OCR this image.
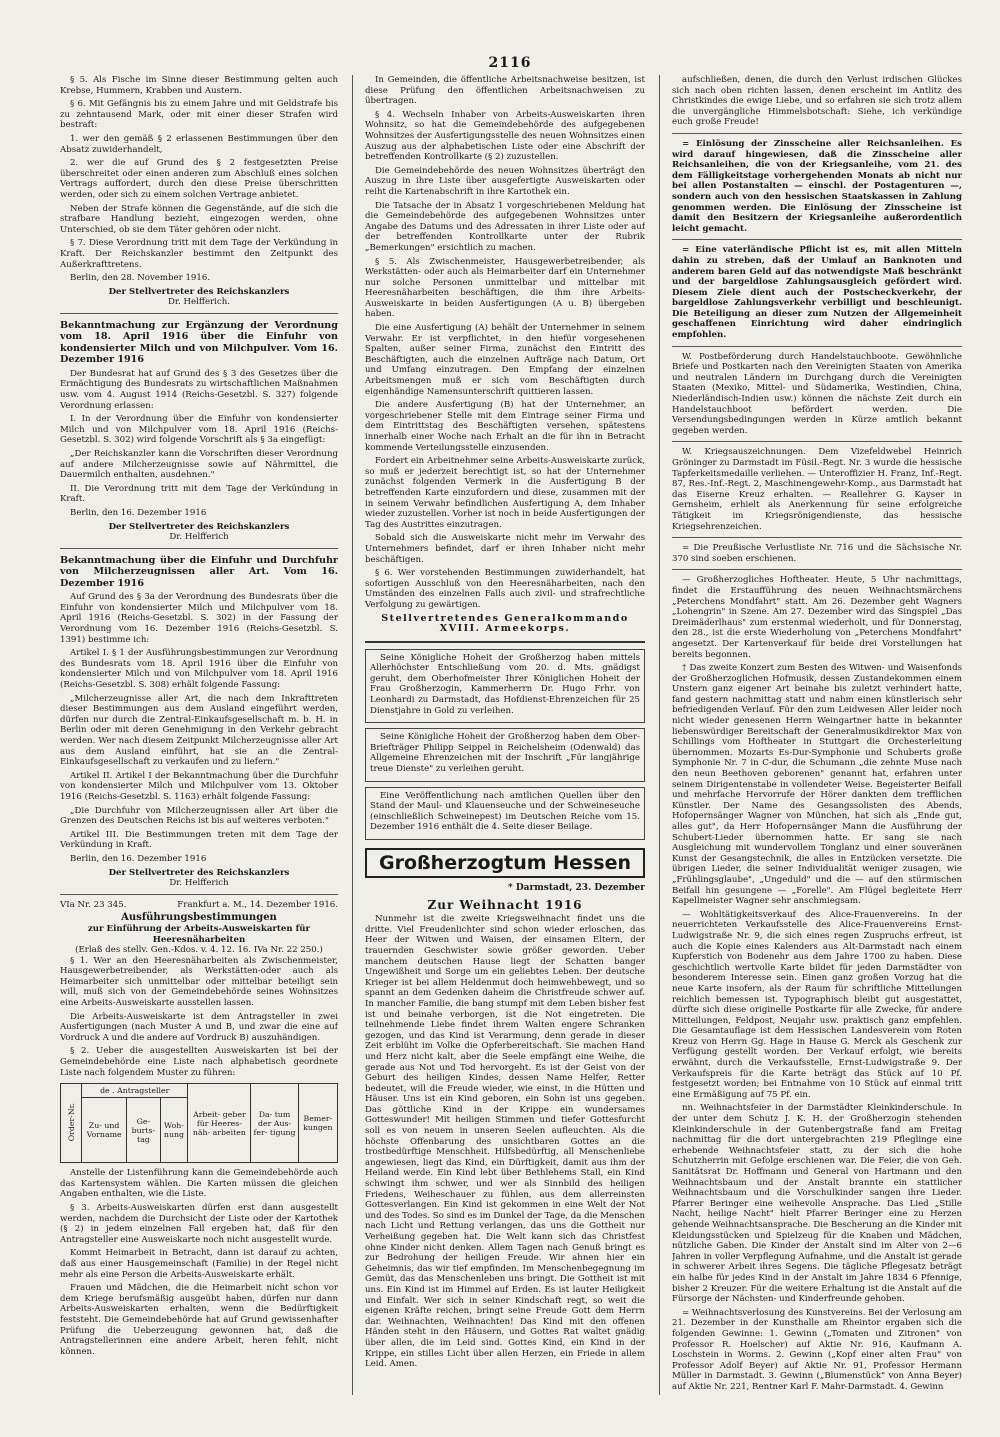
2116

§ 5. Als Fische im Sinne dieser Bestimmung gelten auch Krebse, Hummern, Krabben und Austern.

§ 6. Mit Gefängnis bis zu einem Jahre und mit Geldstrafe bis zu zehntausend Mark, oder mit einer dieser Strafen wird bestraft:

1. wer den gemäß § 2 erlassenen Bestimmungen über den Absatz zuwiderhandelt,

2. wer die auf Grund des § 2 festgesetzten Preise überschreitet oder einen anderen zum Abschluß eines solchen Vertrags auffordert, durch den diese Preise überschritten werden, oder sich zu einem solchen Vertrage anbietet.

Neben der Strafe können die Gegenstände, auf die sich die strafbare Handlung bezieht, eingezogen werden, ohne Unterschied, ob sie dem Täter gehören oder nicht.

§ 7. Diese Verordnung tritt mit dem Tage der Verkündung in Kraft. Der Reichskanzler bestimmt den Zeitpunkt des Außerkrafttretens.

Berlin, den 28. November 1916.

Der Stellvertreter des Reichskanzlers
Dr. Helfferich.
Bekanntmachung zur Ergänzung der Verordnung vom 18. April 1916 über die Einfuhr von kondensierter Milch und von Milchpulver. Vom 16. Dezember 1916

Der Bundesrat hat auf Grund des § 3 des Gesetzes über die Ermächtigung des Bundesrats zu wirtschaftlichen Maßnahmen usw. vom 4. August 1914 (Reichs-Gesetzbl. S. 327) folgende Verordnung erlassen:

I. In der Verordnung über die Einfuhr von kondensierter Milch und von Milchpulver vom 18. April 1916 (Reichs-Gesetzbl. S. 302) wird folgende Vorschrift als § 3a eingefügt:

„Der Reichskanzler kann die Vorschriften dieser Verordnung auf andere Milcherzeugnisse sowie auf Nährmittel, die Dauermilch enthalten, ausdehnen."

II. Die Verordnung tritt mit dem Tage der Verkündung in Kraft.

Berlin, den 16. Dezember 1916

Der Stellvertreter des Reichskanzlers
Dr. Helfferich
Bekanntmachung über die Einfuhr und Durchfuhr von Milcherzeugnissen aller Art. Vom 16. Dezember 1916

Auf Grund des § 3a der Verordnung des Bundesrats über die Einfuhr von kondensierter Milch und Milchpulver vom 18. April 1916 (Reichs-Gesetzbl. S. 302) in der Fassung der Verordnung vom 16. Dezember 1916 (Reichs-Gesetzbl. S. 1391) bestimme ich:

Artikel I. § 1 der Ausführungsbestimmungen zur Verordnung des Bundesrats vom 18. April 1916 über die Einfuhr von kondensierter Milch und von Milchpulver vom 18. April 1916 (Reichs-Gesetzbl. S. 308) erhält folgende Fassung:

„Milcherzeugnisse aller Art, die nach dem Inkrafttreten dieser Bestimmungen aus dem Ausland eingeführt werden, dürfen nur durch die Zentral-Einkaufsgesellschaft m. b. H. in Berlin oder mit deren Genehmigung in den Verkehr gebracht werden. Wer nach diesem Zeitpunkt Milcherzeugnisse aller Art aus dem Ausland einführt, hat sie an die Zentral-Einkaufsgesellschaft zu verkaufen und zu liefern."

Artikel II. Artikel I der Bekanntmachung über die Durchfuhr von kondensierter Milch und Milchpulver vom 13. Oktober 1916 (Reichs-Gesetzbl. S. 1163) erhält folgende Fassung:

„Die Durchfuhr von Milcherzeugnissen aller Art über die Grenzen des Deutschen Reichs ist bis auf weiteres verboten."

Artikel III. Die Bestimmungen treten mit dem Tage der Verkündung in Kraft.

Berlin, den 16. Dezember 1916

Der Stellvertreter des Reichskanzlers
Dr. Helfferich
VIa Nr. 23 345.	Frankfurt a. M., 14. Dezember 1916.
Ausführungsbestimmungen
zur Einführung der Arbeits-Ausweiskarten für Heeresnäharbeiten
(Erlaß des stellv. Gen.-Kdos. v. 4. 12. 16. IVa Nr. 22 250.)

§ 1. Wer an den Heeresnäharbeiten als Zwischenmeister, Hausgewerbetreibender, als Werkstätten-oder auch als Heimarbeiter sich unmittelbar oder mittelbar beteiligt sein will, muß sich von der Gemeindebehörde seines Wohnsitzes eine Arbeits-Ausweiskarte ausstellen lassen.

Die Arbeits-Ausweiskarte ist dem Antragsteller in zwei Ausfertigungen (nach Muster A und B, und zwar die eine auf Vordruck A und die andere auf Vordruck B) auszuhändigen.

§ 2. Ueber die ausgestellten Ausweiskarten ist bei der Gemeindebehörde eine Liste nach alphabetisch geordnete Liste nach folgendem Muster zu führen:

Order-Nr.	de . Antragsteller			Arbeit- geber für Heeres- näh- arbeiten	Da- tum der Aus- fer- tigung	Bemer- kungen
	Zu- und Vorname	Ge- burts- tag	Woh- nung			

Anstelle der Listenführung kann die Gemeindebehörde auch das Kartensystem wählen. Die Karten müssen die gleichen Angaben enthalten, wie die Liste.

§ 3. Arbeits-Ausweiskarten dürfen erst dann ausgestellt werden, nachdem die Durchsicht der Liste oder der Kartothek (§ 2) in jedem einzelnen Fall ergeben hat, daß für den Antragsteller eine Ausweiskarte noch nicht ausgestellt wurde.

Kommt Heimarbeit in Betracht, dann ist darauf zu achten, daß aus einer Hausgemeinschaft (Familie) in der Regel nicht mehr als eine Person die Arbeits-Ausweiskarte erhält.

Frauen und Mädchen, die die Heimarbeit nicht schon vor dem Kriege berufsmäßig ausgeübt haben, dürfen nur dann Arbeits-Ausweiskarten erhalten, wenn die Bedürftigkeit feststeht. Die Gemeindebehörde hat auf Grund gewissenhafter Prüfung die Ueberzeugung gewonnen hat, daß die Antragstellerinnen eine andere Arbeit, heren fehlt, nicht können.

In Gemeinden, die öffentliche Arbeitsnachweise besitzen, ist diese Prüfung den öffentlichen Arbeitsnachweisen zu übertragen.

§ 4. Wechseln Inhaber von Arbeits-Ausweiskarten ihren Wohnsitz, so hat die Gemeindebehörde des aufgegebenen Wohnsitzes der Ausfertigungsstelle des neuen Wohnsitzes einen Auszug aus der alphabetischen Liste oder eine Abschrift der betreffenden Kontrollkarte (§ 2) zuzustellen.

Die Gemeindebehörde des neuen Wohnsitzes überträgt den Auszug in ihre Liste über ausgefertigte Ausweiskarten oder reiht die Kartenabschrift in ihre Kartothek ein.

Die Tatsache der in Absatz 1 vorgeschriebenen Meldung hat die Gemeindebehörde des aufgegebenen Wohnsitzes unter Angabe des Datums und des Adressaten in ihrer Liste oder auf der betreffenden Kontrollkarte unter der Rubrik „Bemerkungen" ersichtlich zu machen.

§ 5. Als Zwischenmeister, Hausgewerbetreibender, als Werkstätten- oder auch als Heimarbeiter darf ein Unternehmer nur solche Personen unmittelbar und mittelbar mit Heeresnäharbeiten beschäftigen, die ihm ihre Arbeits-Ausweiskarte in beiden Ausfertigungen (A u. B) übergeben haben.

Die eine Ausfertigung (A) behält der Unternehmer in seinem Verwahr. Er ist verpflichtet, in den hiefür vorgesehenen Spalten, außer seiner Firma, zunächst den Eintritt des Beschäftigten, auch die einzelnen Aufträge nach Datum, Ort und Umfang einzutragen. Den Empfang der einzelnen Arbeitsmengen muß er sich vom Beschäftigten durch eigenhändige Namensunterschrift quittieren lassen.

Die andere Ausfertigung (B) hat der Unternehmer, an vorgeschriebener Stelle mit dem Eintrage seiner Firma und dem Eintrittstag des Beschäftigten versehen, spätestens innerhalb einer Woche nach Erhalt an die für ihn in Betracht kommende Verteilungsstelle einzusenden.

Fordert ein Arbeitnehmer seine Arbeits-Ausweiskarte zurück, so muß er jederzeit berechtigt ist, so hat der Unternehmer zunächst folgenden Vermerk in die Ausfertigung B der betreffenden Karte einzufordern und diese, zusammen mit der in seinem Verwahr befindlichen Ausfertigung A, dem Inhaber wieder zuzustellen. Vorher ist noch in beide Ausfertigungen der Tag des Austrittes einzutragen.

Sobald sich die Ausweiskarte nicht mehr im Verwahr des Unternehmers befindet, darf er ihren Inhaber nicht mehr beschäftigen.

§ 6. Wer vorstehenden Bestimmungen zuwiderhandelt, hat sofortigen Ausschluß von den Heeresnäharbeiten, nach den Umständen des einzelnen Falls auch zivil- und strafrechtliche Verfolgung zu gewärtigen.

Stellvertretendes Generalkommando
XVIII. Armeekorps.

Seine Königliche Hoheit der Großherzog haben mittels Allerhöchster Entschließung vom 20. d. Mts. gnädigst geruht, dem Oberhofmeister Ihrer Königlichen Hoheit der Frau Großherzogin, Kammerherrn Dr. Hugo Frhr. von Leonhardi zu Darmstadt, das Hofdienst-Ehrenzeichen für 25 Dienstjahre in Gold zu verleihen.

Seine Königliche Hoheit der Großherzog haben dem Ober-Briefträger Philipp Seippel in Reichelsheim (Odenwald) das Allgemeine Ehrenzeichen mit der Inschrift „Für langjährige treue Dienste" zu verleihen geruht.

Eine Veröffentlichung nach amtlichen Quellen über den Stand der Maul- und Klauenseuche und der Schweineseuche (einschließlich Schweinepest) im Deutschen Reiche vom 15. Dezember 1916 enthält die 4. Seite dieser Beilage.

Großherzogtum Hessen
* Darmstadt, 23. Dezember
Zur Weihnacht 1916

Nunmehr ist die zweite Kriegsweihnacht findet uns die dritte. Viel Freudenlichter sind schon wieder erloschen, das Heer der Witwen und Waisen, der einsamen Eltern, der trauernden Geschwister sowie größer geworden. Ueber manchem deutschen Hause liegt der Schatten banger Ungewißheit und Sorge um ein geliebtes Leben. Der deutsche Krieger ist bei allem Heldenmut doch heimwehbewegt, und so spannt an dem Gedenken daheim die Christfreude schwer auf. In mancher Familie, die bang stumpf mit dem Leben bisher fest ist und beinahe verborgen, ist die Not eingetreten. Die teilnehmende Liebe findet ihrem Walten engere Schranken gezogen, und das Kind ist Verarmung, denn gerade in dieser Zeit erblüht im Volke die Opferbereitschaft. Sie machen Hand und Herz nicht kalt, aber die Seele empfängt eine Weihe, die gerade aus Not und Tod hervorgeht. Es ist der Geist von der Geburt des heiligen Kindes, dessen Name Helfer, Retter bedeutet, will die Freude wieder, wie einst, in die Hütten und Häuser. Uns ist ein Kind geboren, ein Sohn ist uns gegeben. Das göttliche Kind in der Krippe ein wundersames Gotteswunder! Mit heiligen Stimmen und tiefer Gottesfurcht soll es von neuem in unseren Seelen aufleuchten. Als die höchste Offenbarung des unsichtbaren Gottes an die trostbedürftige Menschheit. Hilfsbedürftig, all Menschenliebe angewiesen, liegt das Kind, ein Dürftigkeit, damit aus ihm der Heiland werde. Ein Kind lebt über Bethlehems Stall, ein Kind schwingt ihm schwer, und wer als Sinnbild des heiligen Friedens, Weiheschauer zu fühlen, aus dem allerreinsten Gottesverlangen. Ein Kind ist gekommen in eine Welt der Not und des Todes. So sind es im Dunkel der Tage, da die Menschen nach Licht und Rettung verlangen, das uns die Gottheit nur Verheißung gegeben hat. Die Welt kann sich das Christfest ohne Kinder nicht denken. Allem Tagen nach Genuß bringt es zur Bedrohung der heiligen Freude. Wir ahnen hier ein Geheimnis, das wir tief empfinden. Im Menschenbegegnung im Gemüt, das das Menschenleben uns bringt. Die Gottheit ist mit uns. Ein Kind ist im Himmel auf Erden. Es ist lauter Heiligkeit und Einfalt. Wer sich in seiner Kindschaft regt, so weit die eigenen Kräfte reichen, bringt seine Freude Gott dem Herrn dar. Weihnachten, Weihnachten! Das Kind mit den offenen Händen steht in den Häusern, und Gottes Rat waltet gnädig über allen, die im Leid sind. Gottes Kind, ein Kind in der Krippe, ein stilles Licht über allen Herzen, ein Friede in allem Leid. Amen.

aufschließen, denen, die durch den Verlust irdischen Glückes sich nach oben richten lassen, denen erscheint im Antlitz des Christkindes die ewige Liebe, und so erfahren sie sich trotz allem die unvergängliche Himmelsbotschaft: Siehe, ich verkündige euch große Freude!

= Einlösung der Zinsscheine aller Reichsanleihen. Es wird darauf hingewiesen, daß die Zinsscheine aller Reichsanleihen, die von der Kriegsanleihe, vom 21. des dem Fälligkeitstage vorhergehenden Monats ab nicht nur bei allen Postanstalten — einschl. der Postagenturen —, sondern auch von den hessischen Staatskassen in Zahlung genommen werden. Die Einlösung der Zinsscheine ist damit den Besitzern der Kriegsanleihe außerordentlich leicht gemacht.

= Eine vaterländische Pflicht ist es, mit allen Mitteln dahin zu streben, daß der Umlauf an Banknoten und anderem baren Geld auf das notwendigste Maß beschränkt und der bargeldlose Zahlungsausgleich gefördert wird. Diesem Ziele dient auch der Postscheckverkehr, der bargeldlose Zahlungsverkehr verbilligt und beschleunigt. Die Beteiligung an dieser zum Nutzen der Allgemeinheit geschaffenen Einrichtung wird daher eindringlich empfohlen.

W. Postbeförderung durch Handelstauchboote. Gewöhnliche Briefe und Postkarten nach den Vereinigten Staaten von Amerika und neutralen Ländern im Durchgang durch die Vereinigten Staaten (Mexiko, Mittel- und Südamerika, Westindien, China, Niederländisch-Indien usw.) können die nächste Zeit durch ein Handelstauchboot befördert werden. Die Versendungsbedingungen werden in Kürze amtlich bekannt gegeben werden.

W. Kriegsauszeichnungen. Dem Vizefeldwebel Heinrich Gröninger zu Darmstadt im Füsil.-Regt. Nr. 3 wurde die hessische Tapferkeitsmedaille verliehen. — Unteroffizier H. Franz, Inf.-Regt. 87, Res.-Inf.-Regt. 2, Maschinengewehr-Komp., aus Darmstadt hat das Eiserne Kreuz erhalten. — Reallehrer G. Kayser in Gernsheim, erhielt als Anerkennung für seine erfolgreiche Tätigkeit im Kriegsrönigendienste, das hessische Kriegsehrenzeichen.

= Die Preußische Verlustliste Nr. 716 und die Sächsische Nr. 370 sind soeben erschienen.

— Großherzogliches Hoftheater. Heute, 5 Uhr nachmittags, findet die Erstaufführung des neuen Weihnachtsmärchens „Peterchens Mondfahrt" statt. Am 26. Dezember geht Wagners „Lohengrin" in Szene. Am 27. Dezember wird das Singspiel „Das Dreimäderlhaus" zum erstenmal wiederholt, und für Donnerstag, den 28., ist die erste Wiederholung von „Peterchens Mondfahrt" angesetzt. Der Kartenverkauf für beide drei Vorstellungen hat bereits begonnen.

† Das zweite Konzert zum Besten des Witwen- und Waisenfonds der Großherzoglichen Hofmusik, dessen Zustandekommen einem Unstern ganz eigener Art beinahe bis zuletzt verhindert hatte, fand gestern nachmittag statt und nahm einen künstlerisch sehr befriedigenden Verlauf. Für den zum Leidwesen Aller leider noch nicht wieder genesenen Herrn Weingartner hatte in bekannter liebenswürdiger Bereitschaft der Generalmusikdirektor Max von Schillings vom Hoftheater in Stuttgart die Orchesterleitung übernommen. Mozarts Es-Dur-Symphonie und Schuberts große Symphonie Nr. 7 in C-dur, die Schumann „die zehnte Muse nach den neun Beethoven geborenen" genannt hat, erfahren unter seinem Dirigentenstabe in vollendeter Weise. Begeisterter Beifall und mehrfache Hervorrufe der Hörer dankten dem trefflichen Künstler. Der Name des Gesangssolisten des Abends, Hofopernsänger Wagner von München, hat sich als „Ende gut, alles gut", da Herr Hofopernsänger Mann die Ausführung der Schubert-Lieder übernommen hatte. Er sang sie nach Ausgleichung mit wundervollem Tonglanz und einer souveränen Kunst der Gesangstechnik, die alles in Entzücken versetzte. Die übrigen Lieder, die seiner Individualität weniger zusagen, wie „Frühlingsglaube", „Ungeduld" und die — auf den stürmischen Beifall hin gesungene — „Forelle". Am Flügel begleitete Herr Kapellmeister Wagner sehr anschmiegsam.

— Wohltätigkeitsverkauf des Alice-Frauenvereins. In der neuerrichteten Verkaufsstelle des Alice-Frauenvereins Ernst-Ludwigstraße Nr. 9, die sich eines regen Zuspruchs erfreut, ist auch die Kopie eines Kalenders aus Alt-Darmstadt nach einem Kupferstich von Bodenehr aus dem Jahre 1700 zu haben. Diese geschichtlich wertvolle Karte bildet für jeden Darmstädter von besonderem Interesse sein. Einen ganz großen Vorzug hat die neue Karte insofern, als der Raum für schriftliche Mitteilungen reichlich bemessen ist. Typographisch bleibt gut ausgestattet, dürfte sich diese originelle Postkarte für alle Zwecke, für andere Mitteilungen, Feldpost, Neujahr usw. praktisch ganz empfehlen. Die Gesamtauflage ist dem Hessischen Landesverein vom Roten Kreuz von Herrn Gg. Hage in Hause G. Merck als Geschenk zur Verfügung gestellt worden. Der Verkauf erfolgt, wie bereits erwähnt, durch die Verkaufsstelle, Ernst-Ludwigstraße 9. Der Verkaufspreis für die Karte beträgt das Stück auf 10 Pf. festgesetzt worden; bei Entnahme von 10 Stück auf einmal tritt eine Ermäßigung auf 75 Pf. ein.

nn. Weihnachtsfeier in der Darmstädter Kleinkinderschule. In der unter dem Schutz J. K. H. der Großherzogin stehenden Kleinkinderschule in der Gutenbergstraße fand am Freitag nachmittag für die dort untergebrachten 219 Pfleglinge eine erhebende Weihnachtsfeier statt, zu der sich die hohe Schutzherrin mit Gefolge erschienen war. Die Feier, die von Geh. Sanitätsrat Dr. Hoffmann und General von Hartmann und den Weihnachtsbaum und der Anstalt brannte ein stattlicher Weihnachtsbaum und die Vorschulkinder sangen ihre Lieder. Pfarrer Beringer eine weihevolle Ansprache. Das Lied „Stille Nacht, heilige Nacht" hielt Pfarrer Beringer eine zu Herzen gehende Weihnachtsansprache. Die Bescherung an die Kinder mit Kleidungsstücken und Spielzeug für die Knaben und Mädchen, nützliche Gaben. Die Kinder der Anstalt sind im Alter von 2—6 Jahren in voller Verpflegung Aufnahme, und die Anstalt ist gerade in schwerer Arbeit ihres Segens. Die tägliche Pflegesatz beträgt ein halbe für jedes Kind in der Anstalt im Jahre 1834 6 Pfennige, bisher 2 Kreuzer. Für die weitere Erhaltung ist die Anstalt auf die Fürsorge der Nächsten- und Kinderfreunde gehoben.

= Weihnachtsverlosung des Kunstvereins. Bei der Verlosung am 21. Dezember in der Kunsthalle am Rheintor ergaben sich die folgenden Gewinne: 1. Gewinn („Tomaten und Zitronen" von Professor R. Hoelscher) auf Aktie Nr. 916, Kaufmann A. Loschstein in Worms. 2. Gewinn („Kopf einer alten Frau" von Professor Adolf Beyer) auf Aktie Nr. 91, Professor Hermann Müller in Darmstadt. 3. Gewinn („Blumenstück" von Anna Beyer) auf Aktie Nr. 221, Rentner Karl F. Mahr-Darmstadt. 4. Gewinn
